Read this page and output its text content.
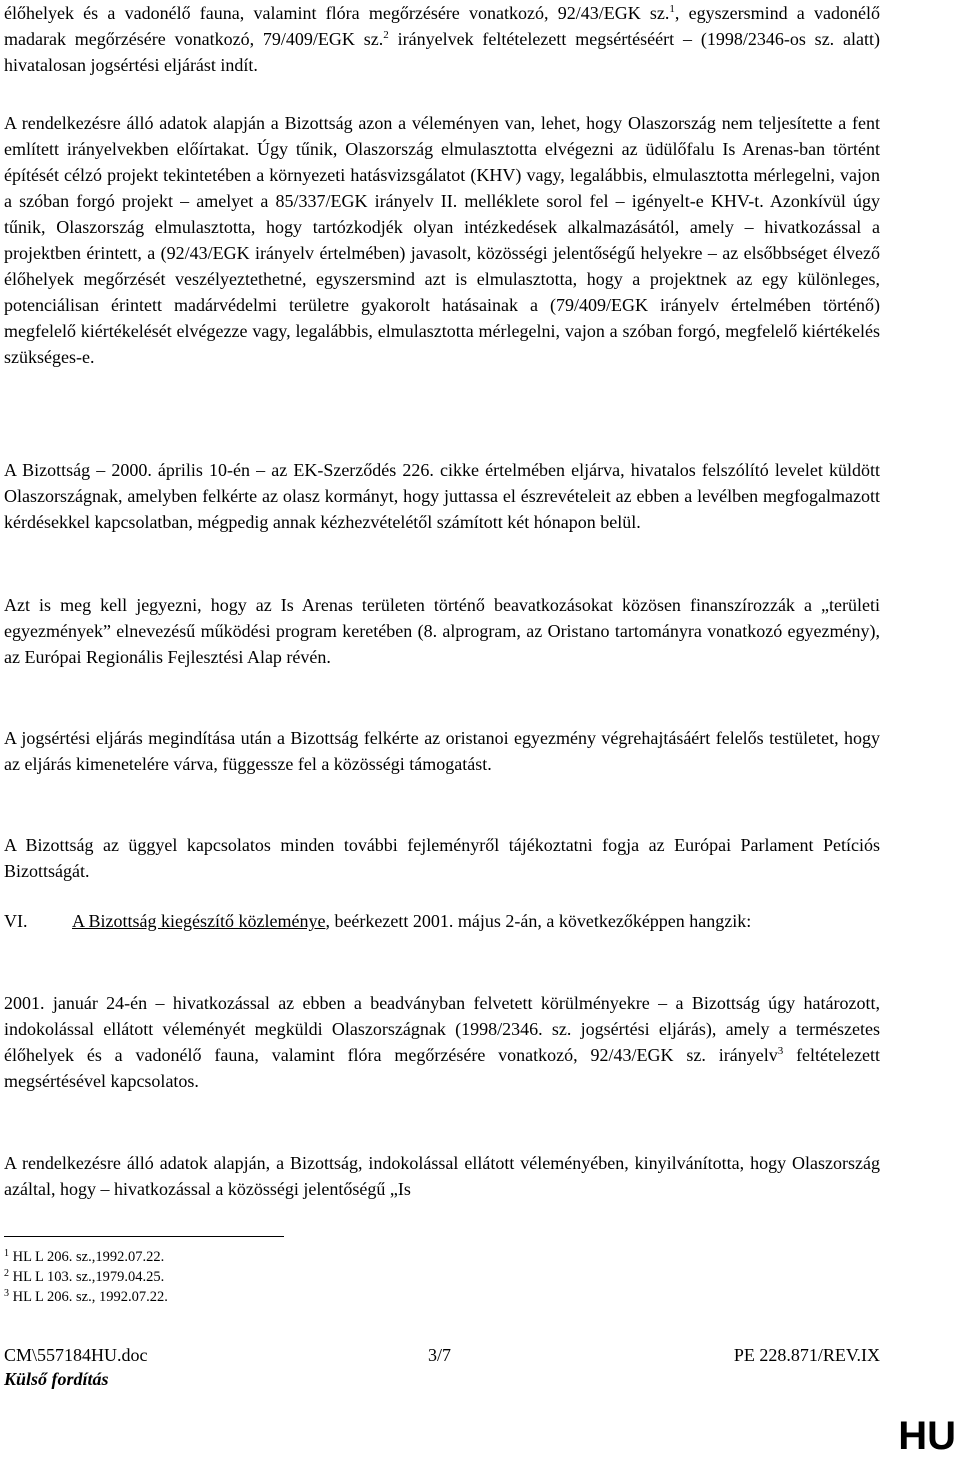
élőhelyek és a vadonélő fauna, valamint flóra megőrzésére vonatkozó, 92/43/EGK sz.$^1$, egyszersmind a vadonélő madarak megőrzésére vonatkozó, 79/409/EGK sz.$^2$ irányelvek feltételezett megsértéséért – (1998/2346-os sz. alatt) hivatalosan jogsértési eljárást indít.

A rendelkezésre álló adatok alapján a Bizottság azon a véleményen van, lehet, hogy Olaszország nem teljesítette a fent említett irányelvekben előírtakat. Úgy tűnik, Olaszország elmulasztotta elvégezni az üdülőfalu Is Arenas-ban történt építését célzó projekt tekintetében a környezeti hatásvizsgálatot (KHV) vagy, legalábbis, elmulasztotta mérlegelni, vajon a szóban forgó projekt – amelyet a 85/337/EGK irányelv II. melléklete sorol fel – igényelt-e KHV-t. Azonkívül úgy tűnik, Olaszország elmulasztotta, hogy tartózkodjék olyan intézkedések alkalmazásától, amely – hivatkozással a projektben érintett, a (92/43/EGK irányelv értelmében) javasolt, közösségi jelentőségű helyekre – az elsőbbséget élvező élőhelyek megőrzését veszélyeztethetné, egyszersmind azt is elmulasztotta, hogy a projektnek az egy különleges, potenciálisan érintett madárvédelmi területre gyakorolt hatásainak a (79/409/EGK irányelv értelmében történő) megfelelő kiértékelését elvégezze vagy, legalábbis, elmulasztotta mérlegelni, vajon a szóban forgó, megfelelő kiértékelés szükséges-e.

A Bizottság – 2000. április 10-én – az EK-Szerződés 226. cikke értelmében eljárva, hivatalos felszólító levelet küldött Olaszországnak, amelyben felkérte az olasz kormányt, hogy juttassa el észrevételeit az ebben a levélben megfogalmazott kérdésekkel kapcsolatban, mégpedig annak kézhezvételétől számított két hónapon belül.

Azt is meg kell jegyezni, hogy az Is Arenas területen történő beavatkozásokat közösen finanszírozzák a „területi egyezmények” elnevezésű működési program keretében (8. alprogram, az Oristano tartományra vonatkozó egyezmény), az Európai Regionális Fejlesztési Alap révén.

A jogsértési eljárás megindítása után a Bizottság felkérte az oristanoi egyezmény végrehajtásáért felelős testületet, hogy az eljárás kimenetelére várva, függessze fel a közösségi támogatást.

A Bizottság az üggyel kapcsolatos minden további fejleményről tájékoztatni fogja az Európai Parlament Petíciós Bizottságát.

VI. A Bizottság kiegészítő közleménye, beérkezett 2001. május 2-án, a következőképpen hangzik:

2001. január 24-én – hivatkozással az ebben a beadványban felvetett körülményekre – a Bizottság úgy határozott, indokolással ellátott véleményét megküldi Olaszországnak (1998/2346. sz. jogsértési eljárás), amely a természetes élőhelyek és a vadonélő fauna, valamint flóra megőrzésére vonatkozó, 92/43/EGK sz. irányelv$^3$ feltételezett megsértésével kapcsolatos.

A rendelkezésre álló adatok alapján, a Bizottság, indokolással ellátott véleményében, kinyilvánította, hogy Olaszország azáltal, hogy – hivatkozással a közösségi jelentőségű „Is

$^1$ HL L 206. sz.,1992.07.22.
$^2$ HL L 103. sz.,1979.04.25.
$^3$ HL L 206. sz., 1992.07.22.
CM\557184HU.doc	3/7	PE 228.871/REV.IX
Külső fordítás
HU
